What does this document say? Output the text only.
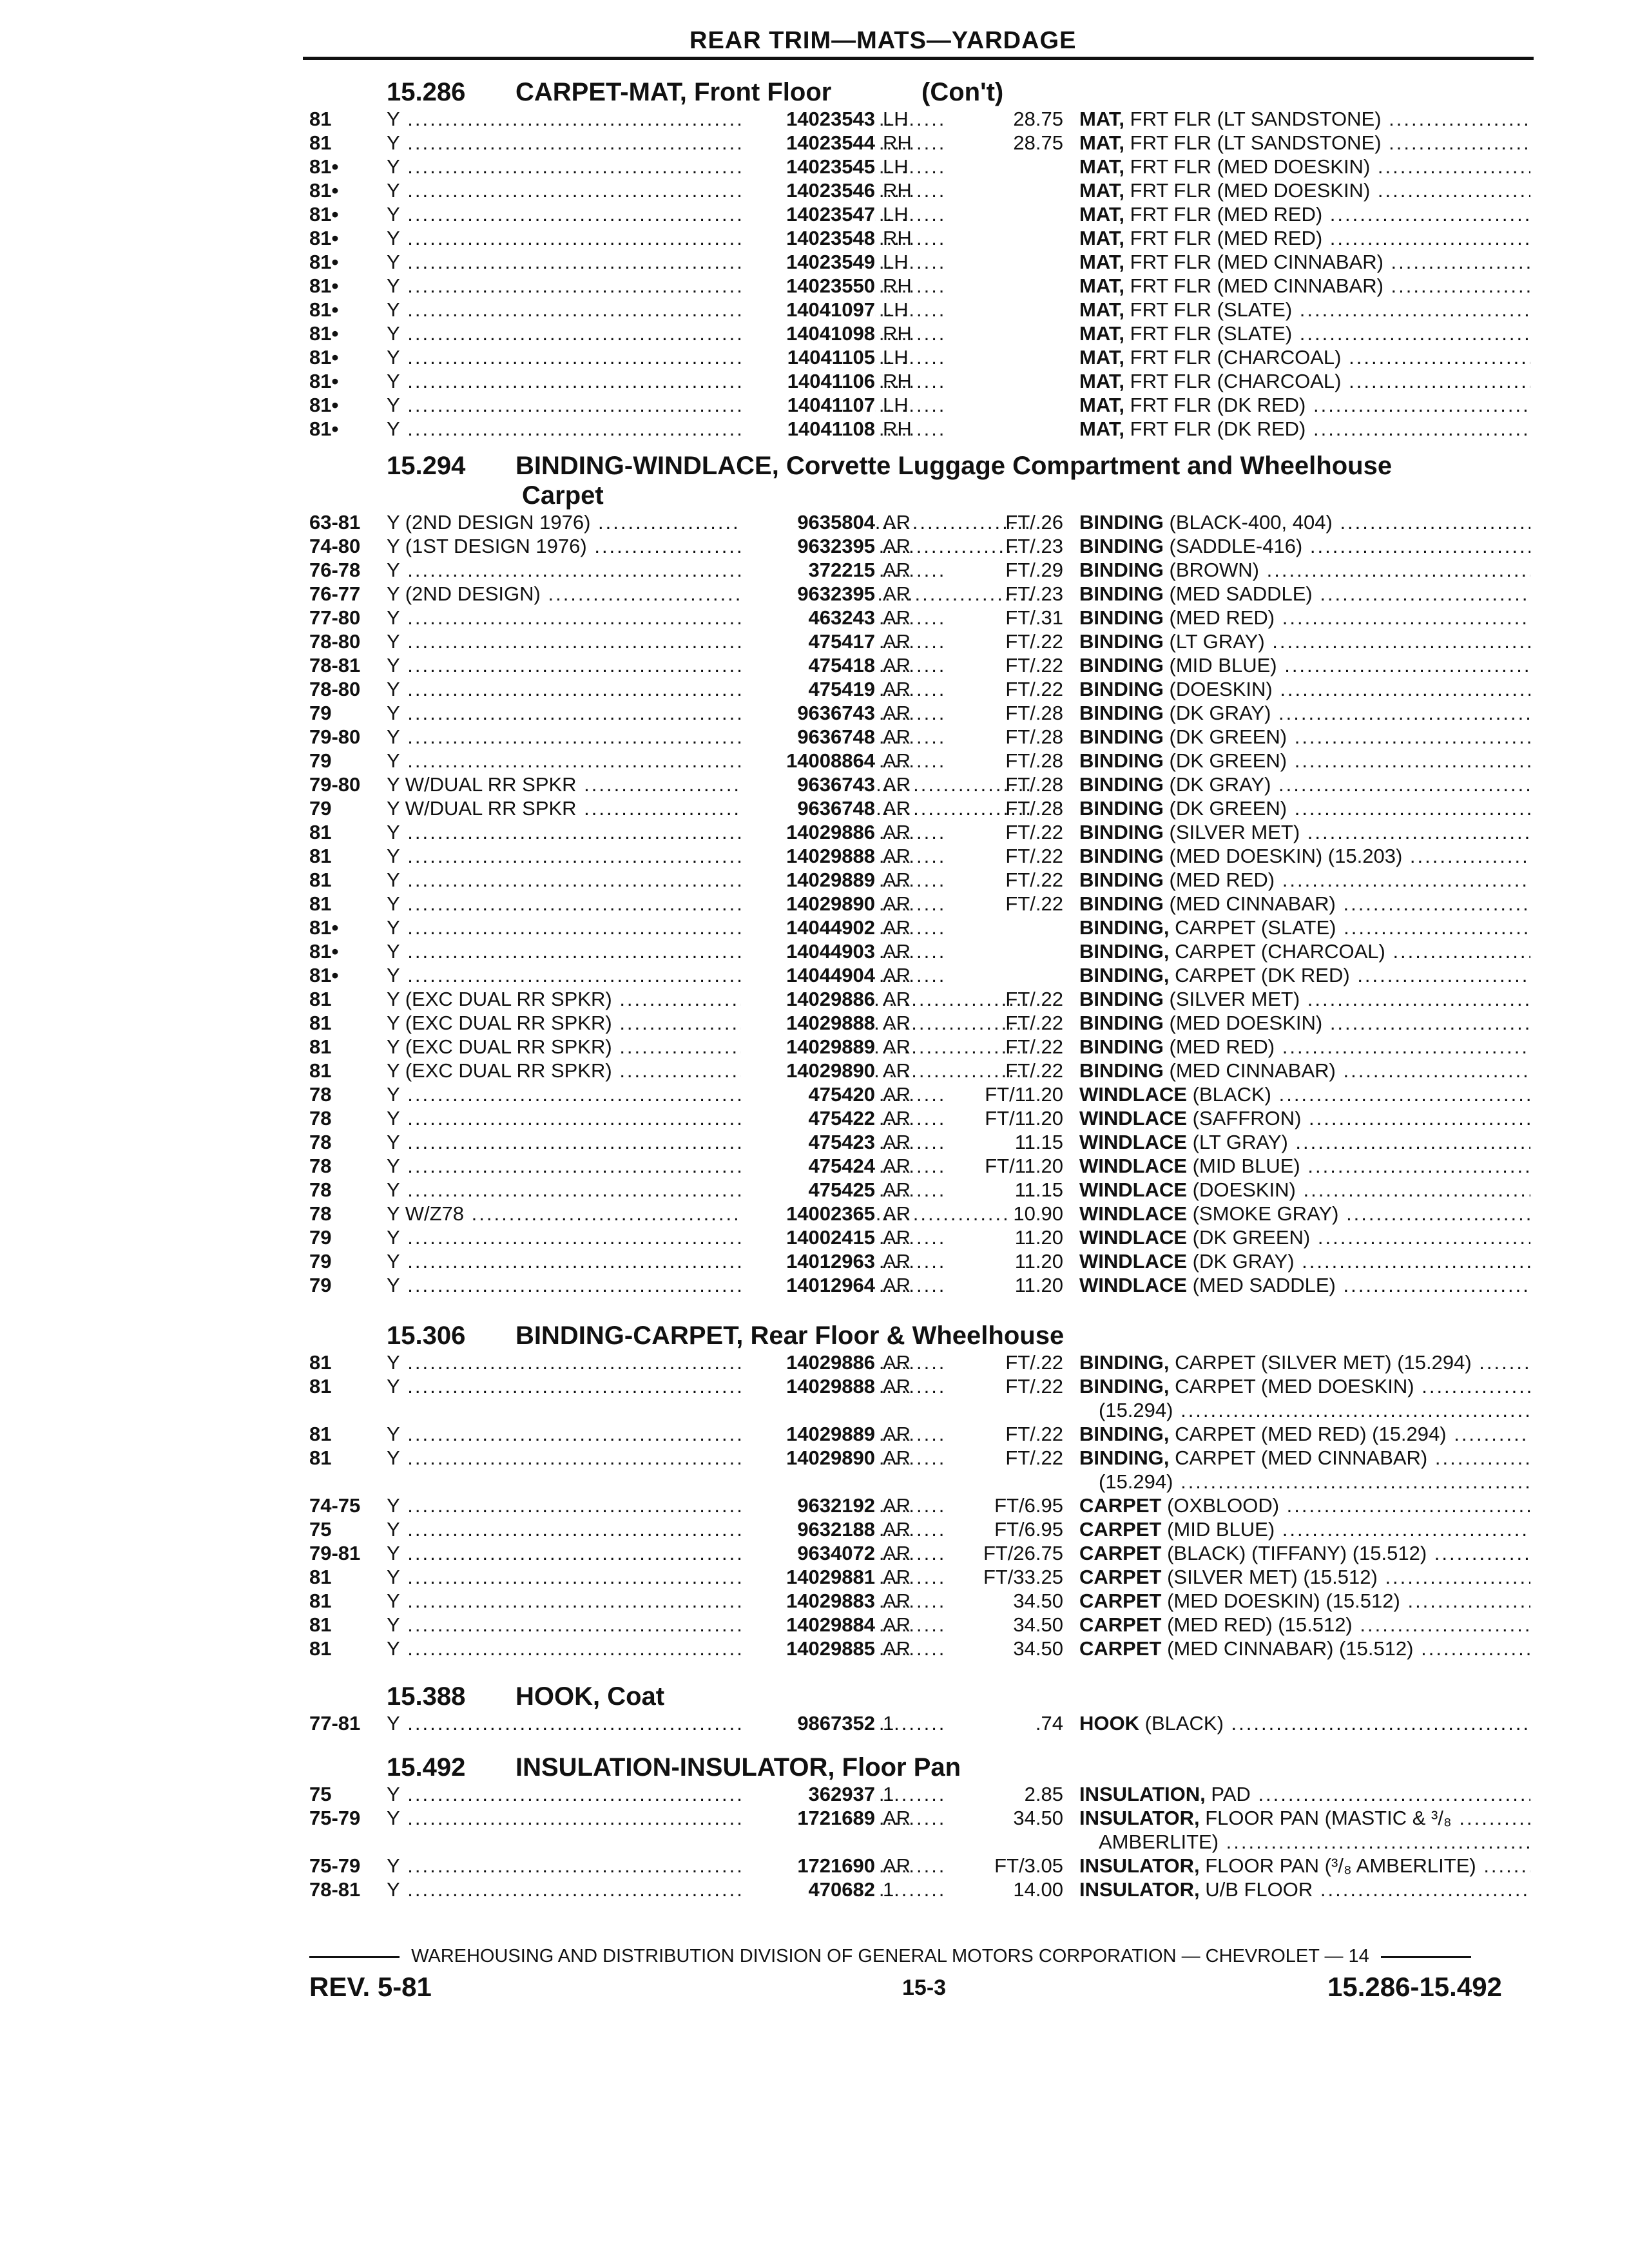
REAR TRIM—MATS—YARDAGE
15.286 CARPET-MAT, Front Floor	(Con't)
81	Y .....	14023543 LH	28.75 MAT, FRT FLR (LT SANDSTONE) .....
81	Y .....	14023544 RH	28.75 MAT, FRT FLR (LT SANDSTONE) .....
81•	Y .....	14023545 LH	MAT, FRT FLR (MED DOESKIN) .....
81•	Y .....	14023546 RH	MAT, FRT FLR (MED DOESKIN) .....
81•	Y .....	14023547 LH	MAT, FRT FLR (MED RED) .....
81•	Y .....	14023548 RH	MAT, FRT FLR (MED RED) .....
81•	Y .....	14023549 LH	MAT, FRT FLR (MED CINNABAR) .....
81•	Y .....	14023550 RH	MAT, FRT FLR (MED CINNABAR) .....
81•	Y .....	14041097 LH	MAT, FRT FLR (SLATE) .....
81•	Y .....	14041098 RH	MAT, FRT FLR (SLATE) .....
81•	Y .....	14041105 LH	MAT, FRT FLR (CHARCOAL) .....
81•	Y .....	14041106 RH	MAT, FRT FLR (CHARCOAL) .....
81•	Y .....	14041107 LH	MAT, FRT FLR (DK RED) .....
81•	Y .....	14041108 RH	MAT, FRT FLR (DK RED) .....
15.294 BINDING-WINDLACE, Corvette Luggage Compartment and Wheelhouse
Carpet
63-81	Y (2ND DESIGN 1976) .....	9635804 AR	FT/.26 BINDING (BLACK-400, 404) .....
74-80	Y (1ST DESIGN 1976) .....	9632395 AR	FT/.23 BINDING (SADDLE-416) .....
76-78	Y .....	372215 AR	FT/.29 BINDING (BROWN) .....
76-77	Y (2ND DESIGN) .....	9632395 AR	FT/.23 BINDING (MED SADDLE) .....
77-80	Y .....	463243 AR	FT/.31 BINDING (MED RED) .....
78-80	Y .....	475417 AR	FT/.22 BINDING (LT GRAY) .....
78-81	Y .....	475418 AR	FT/.22 BINDING (MID BLUE) .....
78-80	Y .....	475419 AR	FT/.22 BINDING (DOESKIN) .....
79	Y .....	9636743 AR	FT/.28 BINDING (DK GRAY) .....
79-80	Y .....	9636748 AR	FT/.28 BINDING (DK GREEN) .....
79	Y .....	14008864 AR	FT/.28 BINDING (DK GREEN) .....
79-80	Y W/DUAL RR SPKR .....	9636743 AR	FT/.28 BINDING (DK GRAY) .....
79	Y W/DUAL RR SPKR .....	9636748 AR	FT/.28 BINDING (DK GREEN) .....
81	Y .....	14029886 AR	FT/.22 BINDING (SILVER MET) .....
81	Y .....	14029888 AR	FT/.22 BINDING (MED DOESKIN) (15.203) .....
81	Y .....	14029889 AR	FT/.22 BINDING (MED RED) .....
81	Y .....	14029890 AR	FT/.22 BINDING (MED CINNABAR) .....
81•	Y .....	14044902 AR	BINDING, CARPET (SLATE) .....
81•	Y .....	14044903 AR	BINDING, CARPET (CHARCOAL) .....
81•	Y .....	14044904 AR	BINDING, CARPET (DK RED) .....
81	Y (EXC DUAL RR SPKR) .....	14029886 AR	FT/.22 BINDING (SILVER MET) .....
81	Y (EXC DUAL RR SPKR) .....	14029888 AR	FT/.22 BINDING (MED DOESKIN) .....
81	Y (EXC DUAL RR SPKR) .....	14029889 AR	FT/.22 BINDING (MED RED) .....
81	Y (EXC DUAL RR SPKR) .....	14029890 AR	FT/.22 BINDING (MED CINNABAR) .....
78	Y .....	475420 AR	FT/11.20 WINDLACE (BLACK) .....
78	Y .....	475422 AR	FT/11.20 WINDLACE (SAFFRON) .....
78	Y .....	475423 AR	11.15 WINDLACE (LT GRAY) .....
78	Y .....	475424 AR	FT/11.20 WINDLACE (MID BLUE) .....
78	Y .....	475425 AR	11.15 WINDLACE (DOESKIN) .....
78	Y W/Z78 .....	14002365 AR	10.90 WINDLACE (SMOKE GRAY) .....
79	Y .....	14002415 AR	11.20 WINDLACE (DK GREEN) .....
79	Y .....	14012963 AR	11.20 WINDLACE (DK GRAY) .....
79	Y .....	14012964 AR	11.20 WINDLACE (MED SADDLE) .....
15.306 BINDING-CARPET, Rear Floor & Wheelhouse
81	Y .....	14029886 AR	FT/.22 BINDING, CARPET (SILVER MET) (15.294) .....
81	Y .....	14029888 AR	FT/.22 BINDING, CARPET (MED DOESKIN) .....
(15.294) .....
81	Y .....	14029889 AR	FT/.22 BINDING, CARPET (MED RED) (15.294) .....
81	Y .....	14029890 AR	FT/.22 BINDING, CARPET (MED CINNABAR) .....
(15.294) .....
74-75	Y .....	9632192 AR	FT/6.95 CARPET (OXBLOOD) .....
75	Y .....	9632188 AR	FT/6.95 CARPET (MID BLUE) .....
79-81	Y .....	9634072 AR	FT/26.75 CARPET (BLACK) (TIFFANY) (15.512) .....
81	Y .....	14029881 AR	FT/33.25 CARPET (SILVER MET) (15.512) .....
81	Y .....	14029883 AR	34.50 CARPET (MED DOESKIN) (15.512) .....
81	Y .....	14029884 AR	34.50 CARPET (MED RED) (15.512) .....
81	Y .....	14029885 AR	34.50 CARPET (MED CINNABAR) (15.512) .....
15.388 HOOK, Coat
77-81	Y .....	9867352 1	.74 HOOK (BLACK) .....
15.492 INSULATION-INSULATOR, Floor Pan
75	Y .....	362937 1	2.85 INSULATION, PAD .....
75-79	Y .....	1721689 AR	34.50 INSULATOR, FLOOR PAN (MASTIC & ³/₈ .....
AMBERLITE) .....
75-79	Y .....	1721690 AR	FT/3.05 INSULATOR, FLOOR PAN (³/₈ AMBERLITE) .....
78-81	Y .....	470682 1	14.00 INSULATOR, U/B FLOOR .....
WAREHOUSING AND DISTRIBUTION DIVISION OF GENERAL MOTORS CORPORATION — CHEVROLET — 14
REV. 5-81	15-3	15.286-15.492
